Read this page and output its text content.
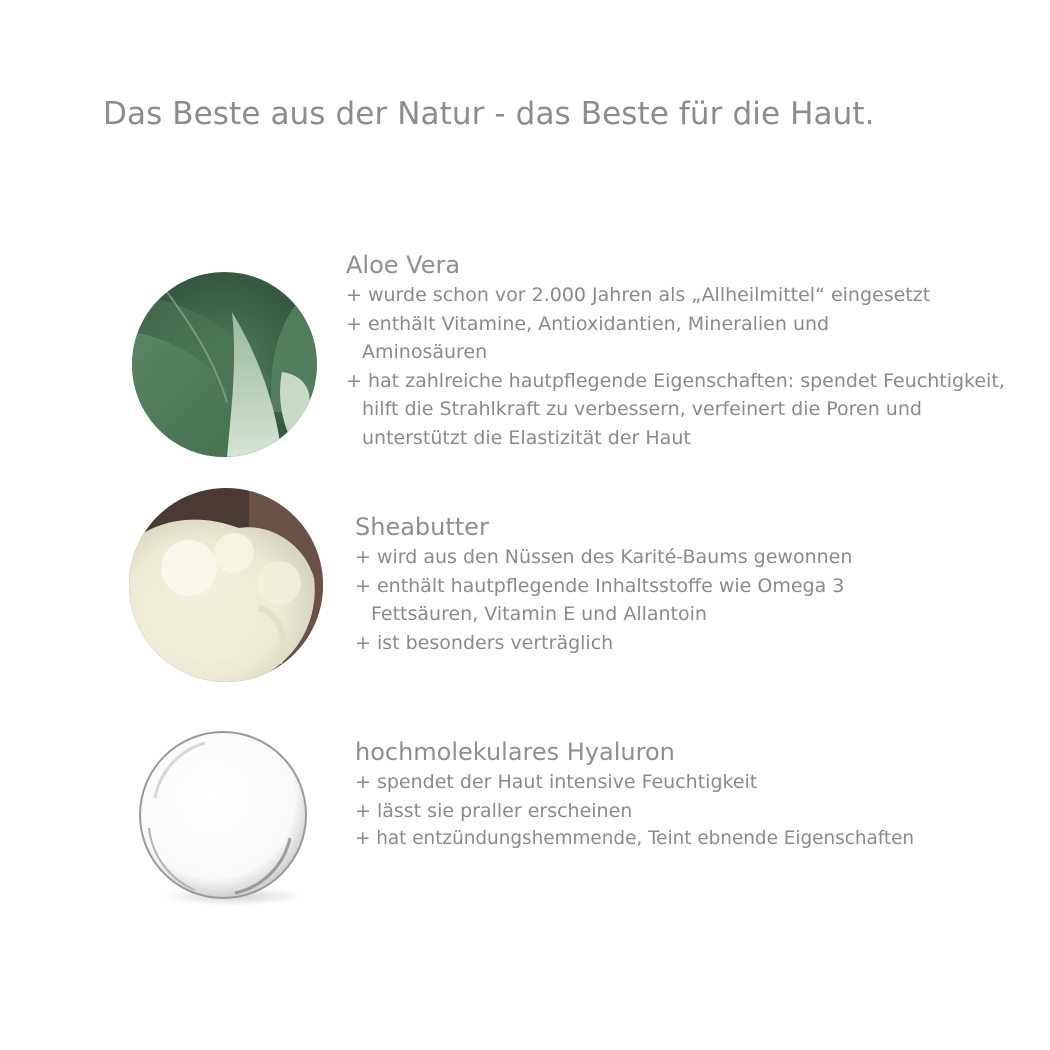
Das Beste aus der Natur - das Beste für die Haut.
Aloe Vera
+ wurde schon vor 2.000 Jahren als „Allheilmittel“ eingesetzt
+ enthält Vitamine, Antioxidantien, Mineralien und Aminosäuren
+ hat zahlreiche hautpflegende Eigenschaften: spendet Feuchtigkeit, hilft die Strahlkraft zu verbessern, verfeinert die Poren und unterstützt die Elastizität der Haut
Sheabutter
+ wird aus den Nüssen des Karité-Baums gewonnen
+ enthält hautpflegende Inhaltsstoffe wie Omega 3 Fettsäuren, Vitamin E und Allantoin
+ ist besonders verträglich
hochmolekulares Hyaluron
+ spendet der Haut intensive Feuchtigkeit
+ lässt sie praller erscheinen
+ hat entzündungshemmende, Teint ebnende Eigenschaften
